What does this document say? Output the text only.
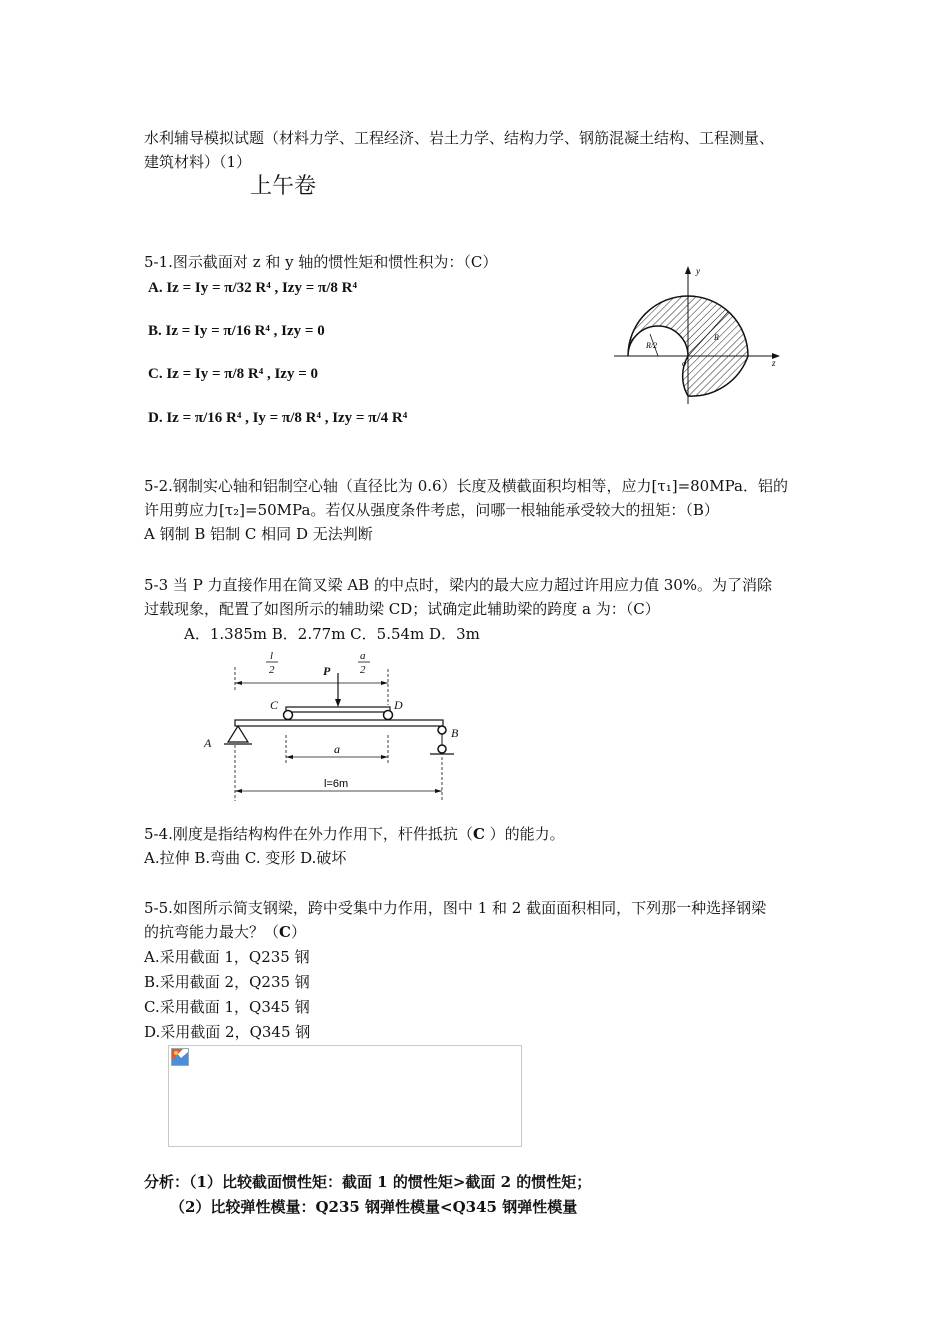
水利辅导模拟试题（材料力学、工程经济、岩土力学、结构力学、钢筋混凝土结构、工程测量、
建筑材料）（1）
上午卷
5-1.图示截面对 z 和 y 轴的惯性矩和惯性积为：（C）
A. Iz = Iy = π/32 R⁴ , Izy = π/8 R⁴
B. Iz = Iy = π/16 R⁴ , Izy = 0
C. Iz = Iy = π/8 R⁴ , Izy = 0
D. Iz = π/16 R⁴ , Iy = π/8 R⁴ , Izy = π/4 R⁴
y
z
o
R/2
R
5-2.钢制实心轴和铝制空心轴（直径比为 0.6）长度及横截面积均相等，应力[τ₁]=80MPa．铝的
许用剪应力[τ₂]=50MPa。若仅从强度条件考虑，问哪一根轴能承受较大的扭矩：（B）
A 钢制 B 铝制 C 相同 D 无法判断
5-3 当 P 力直接作用在简叉梁 AB 的中点时，梁内的最大应力超过许用应力值 30%。为了消除
过载现象，配置了如图所示的辅助梁 CD；试确定此辅助梁的跨度 a 为：（C）
A．1.385m B．2.77m C．5.54m D．3m
l
2
a
2
P
C	D
A
B
a
l=6m
5-4.刚度是指结构构件在外力作用下，杆件抵抗（C ）的能力。
A.拉伸 B.弯曲 C. 变形 D.破坏
5-5.如图所示简支钢梁，跨中受集中力作用，图中 1 和 2 截面面积相同，下列那一种选择钢梁
的抗弯能力最大？（C）
A.采用截面 1，Q235 钢
B.采用截面 2，Q235 钢
C.采用截面 1，Q345 钢
D.采用截面 2，Q345 钢
分析：（1）比较截面惯性矩：截面 1 的惯性矩>截面 2 的惯性矩；
（2）比较弹性模量：Q235 钢弹性模量<Q345 钢弹性模量
